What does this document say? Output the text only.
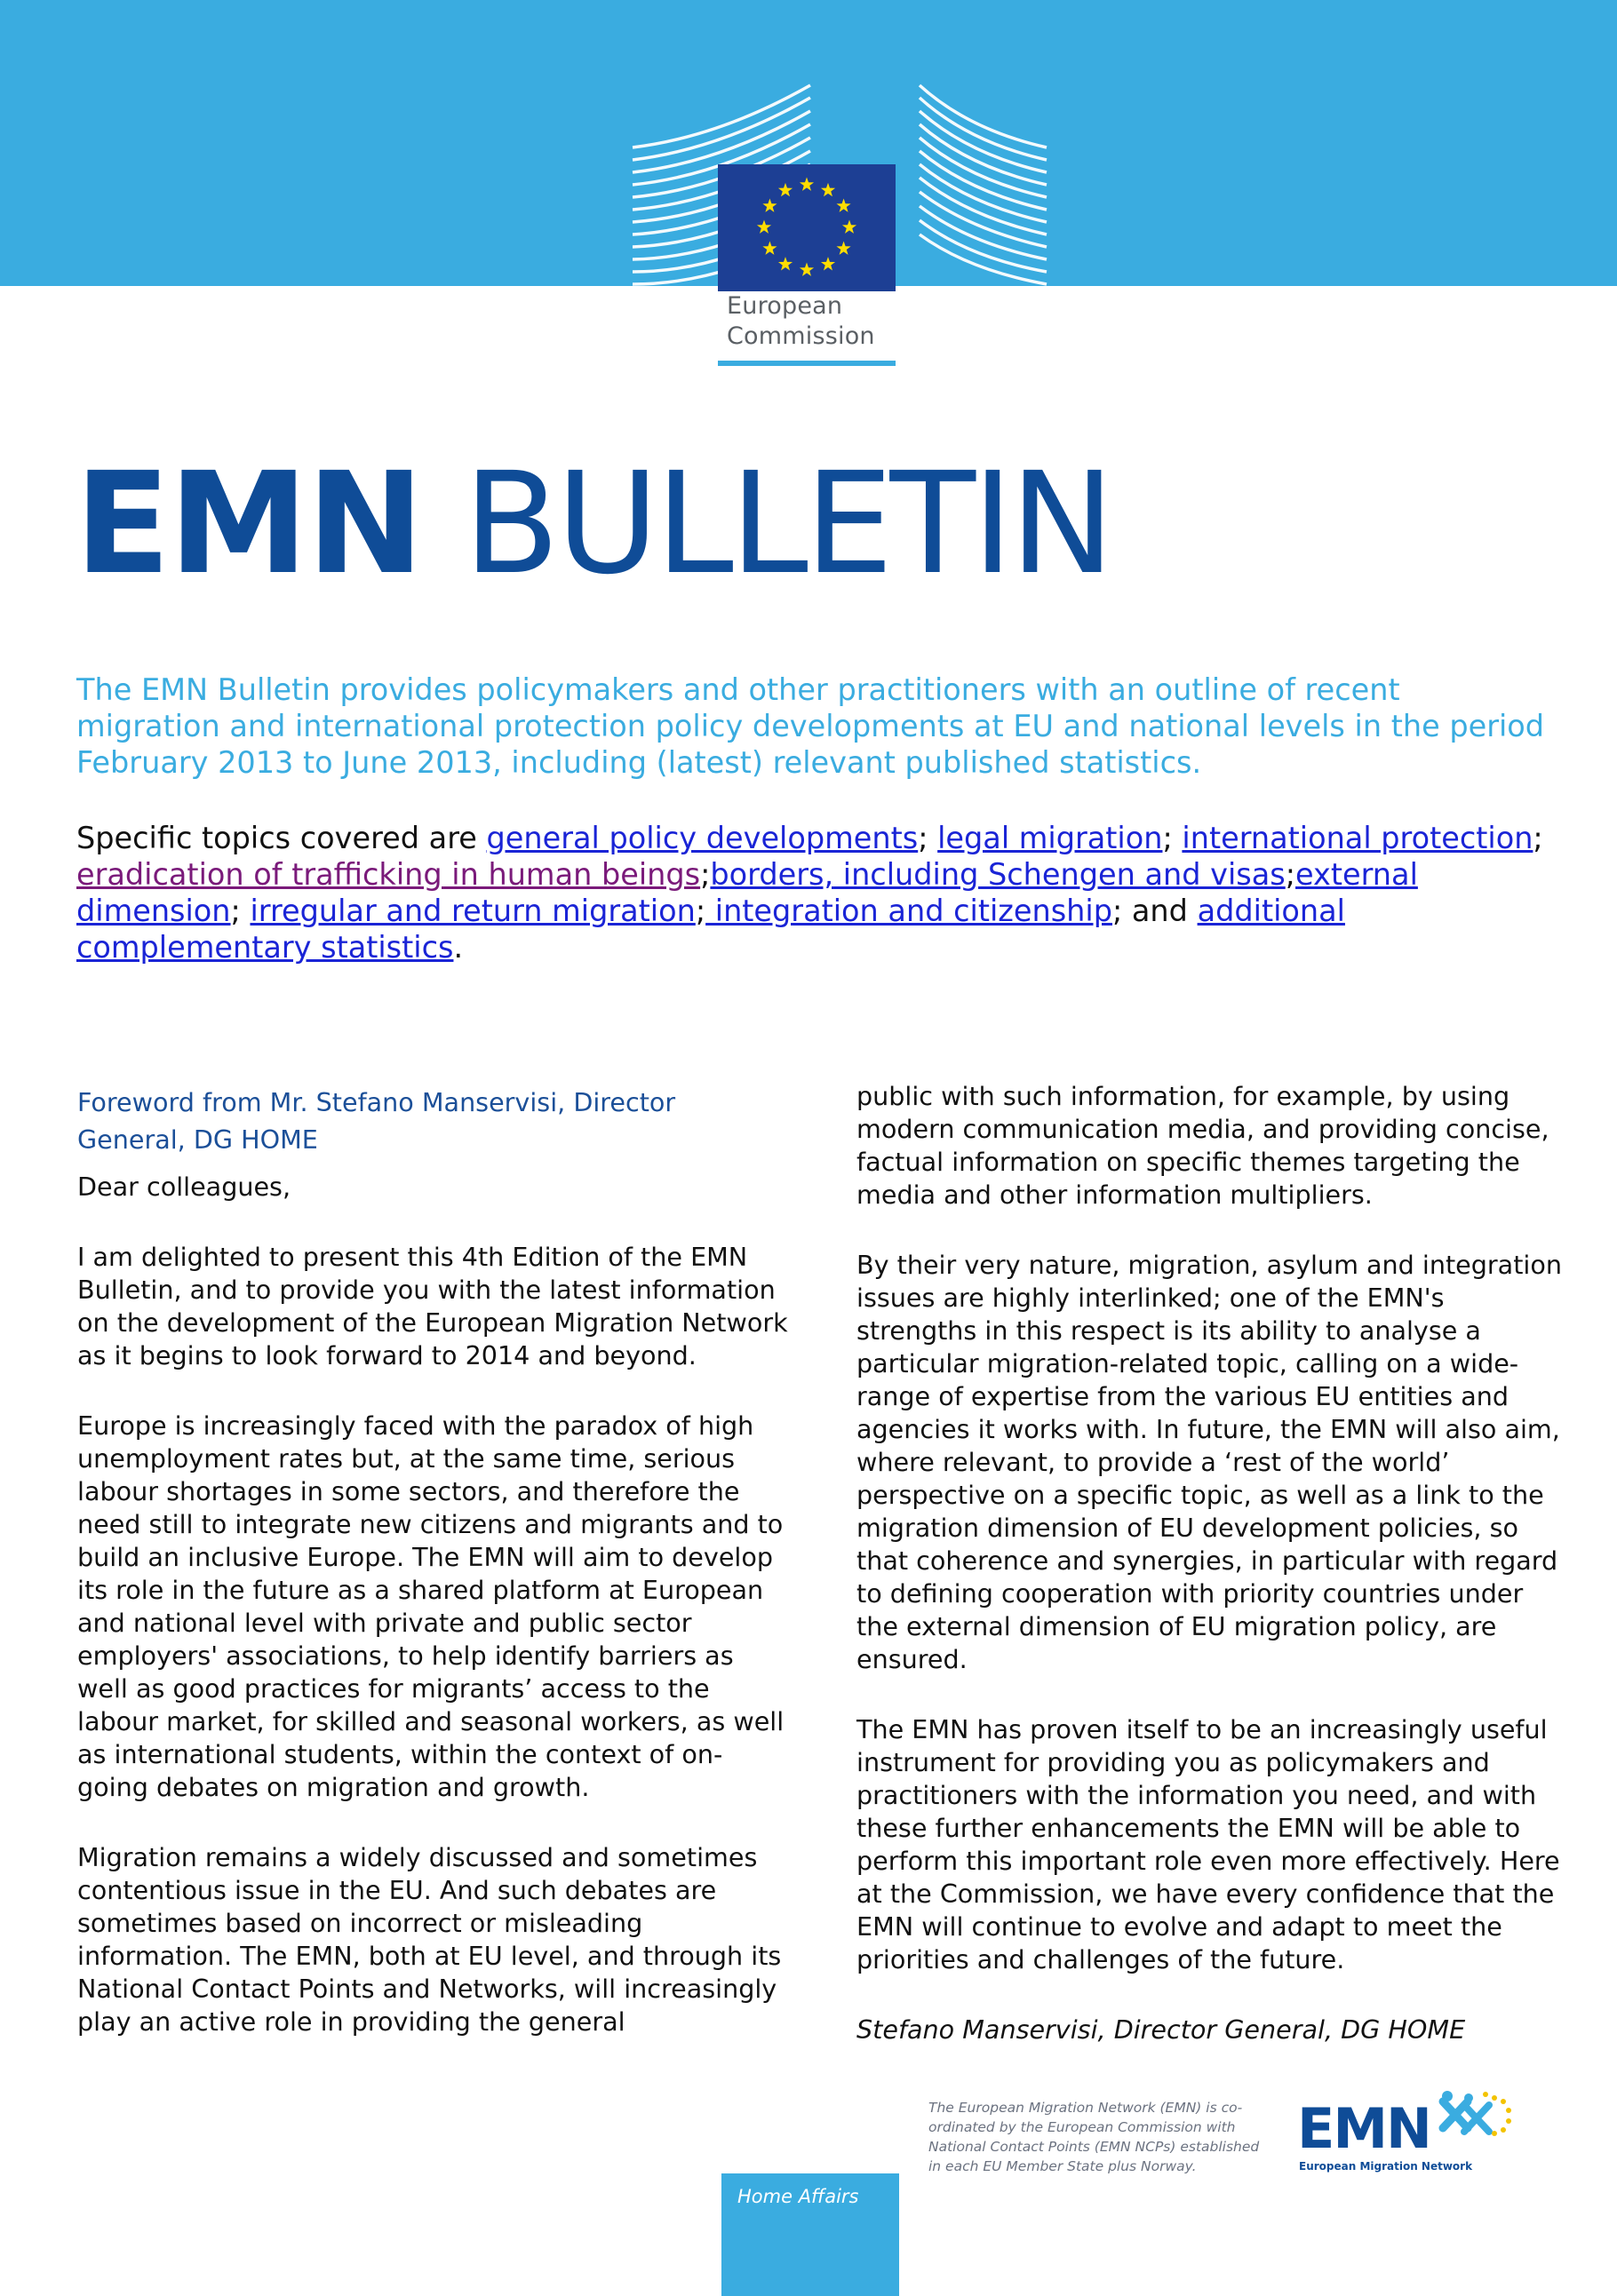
European
Commission
EMN BULLETIN
The EMN Bulletin provides policymakers and other practitioners with an outline of recent migration and international protection policy developments at EU and national levels in the period February 2013 to June 2013, including (latest) relevant published statistics.
Specific topics covered are general policy developments; legal migration; international protection; eradication of trafficking in human beings;borders, including Schengen and visas;external dimension; irregular and return migration; integration and citizenship; and additional complementary statistics.
Foreword from Mr. Stefano Manservisi, Director General, DG HOME

Dear colleagues,

I am delighted to present this 4th Edition of the EMN Bulletin, and to provide you with the latest information on the development of the European Migration Network as it begins to look forward to 2014 and beyond.

Europe is increasingly faced with the paradox of high unemployment rates but, at the same time, serious labour shortages in some sectors, and therefore the need still to integrate new citizens and migrants and to build an inclusive Europe. The EMN will aim to develop its role in the future as a shared platform at European and national level with private and public sector employers' associations, to help identify barriers as well as good practices for migrants’ access to the labour market, for skilled and seasonal workers, as well as international students, within the context of on-going debates on migration and growth.

Migration remains a widely discussed and sometimes contentious issue in the EU. And such debates are sometimes based on incorrect or misleading information. The EMN, both at EU level, and through its National Contact Points and Networks, will increasingly play an active role in providing the general

public with such information, for example, by using modern communication media, and providing concise, factual information on specific themes targeting the media and other information multipliers.

By their very nature, migration, asylum and integration issues are highly interlinked; one of the EMN's strengths in this respect is its ability to analyse a particular migration-related topic, calling on a wide-range of expertise from the various EU entities and agencies it works with. In future, the EMN will also aim, where relevant, to provide a ‘rest of the world’ perspective on a specific topic, as well as a link to the migration dimension of EU development policies, so that coherence and synergies, in particular with regard to defining cooperation with priority countries under the external dimension of EU migration policy, are ensured.

The EMN has proven itself to be an increasingly useful instrument for providing you as policymakers and practitioners with the information you need, and with these further enhancements the EMN will be able to perform this important role even more effectively. Here at the Commission, we have every confidence that the EMN will continue to evolve and adapt to meet the priorities and challenges of the future.

Stefano Manservisi, Director General, DG HOME

The European Migration Network (EMN) is co-ordinated by the European Commission with National Contact Points (EMN NCPs) established in each EU Member State plus Norway.
EMN
European Migration Network
Home Affairs
